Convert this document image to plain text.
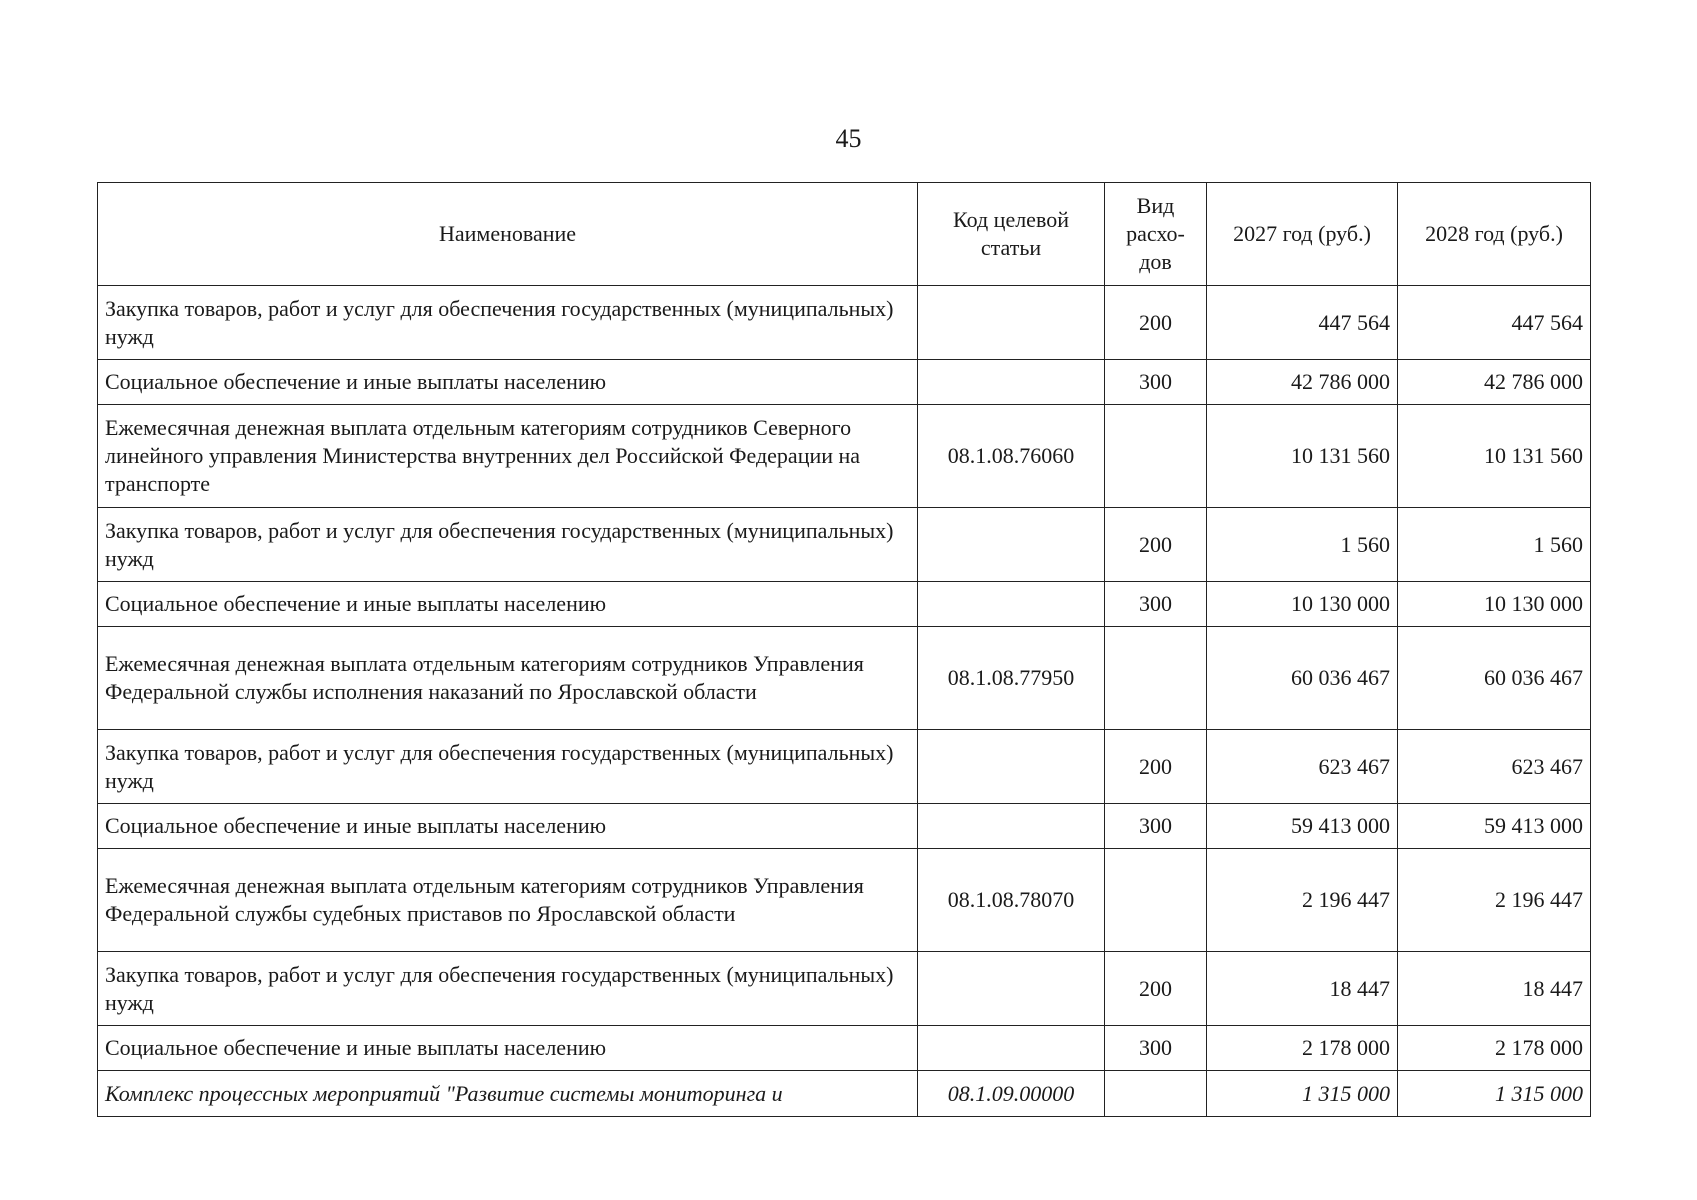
45
Наименование	Код целевой статьи	Вид расхо-дов	2027 год (руб.)	2028 год (руб.)
Закупка товаров, работ и услуг для обеспечения государственных (муниципальных) нужд		200	447 564	447 564
Социальное обеспечение и иные выплаты населению		300	42 786 000	42 786 000
Ежемесячная денежная выплата отдельным категориям сотрудников Северного линейного управления Министерства внутренних дел Российской Федерации на транспорте	08.1.08.76060		10 131 560	10 131 560
Закупка товаров, работ и услуг для обеспечения государственных (муниципальных) нужд		200	1 560	1 560
Социальное обеспечение и иные выплаты населению		300	10 130 000	10 130 000
Ежемесячная денежная выплата отдельным категориям сотрудников Управления Федеральной службы исполнения наказаний по Ярославской области	08.1.08.77950		60 036 467	60 036 467
Закупка товаров, работ и услуг для обеспечения государственных (муниципальных) нужд		200	623 467	623 467
Социальное обеспечение и иные выплаты населению		300	59 413 000	59 413 000
Ежемесячная денежная выплата отдельным категориям сотрудников Управления Федеральной службы судебных приставов по Ярославской области	08.1.08.78070		2 196 447	2 196 447
Закупка товаров, работ и услуг для обеспечения государственных (муниципальных) нужд		200	18 447	18 447
Социальное обеспечение и иные выплаты населению		300	2 178 000	2 178 000
Комплекс процессных мероприятий "Развитие системы мониторинга и	08.1.09.00000		1 315 000	1 315 000
